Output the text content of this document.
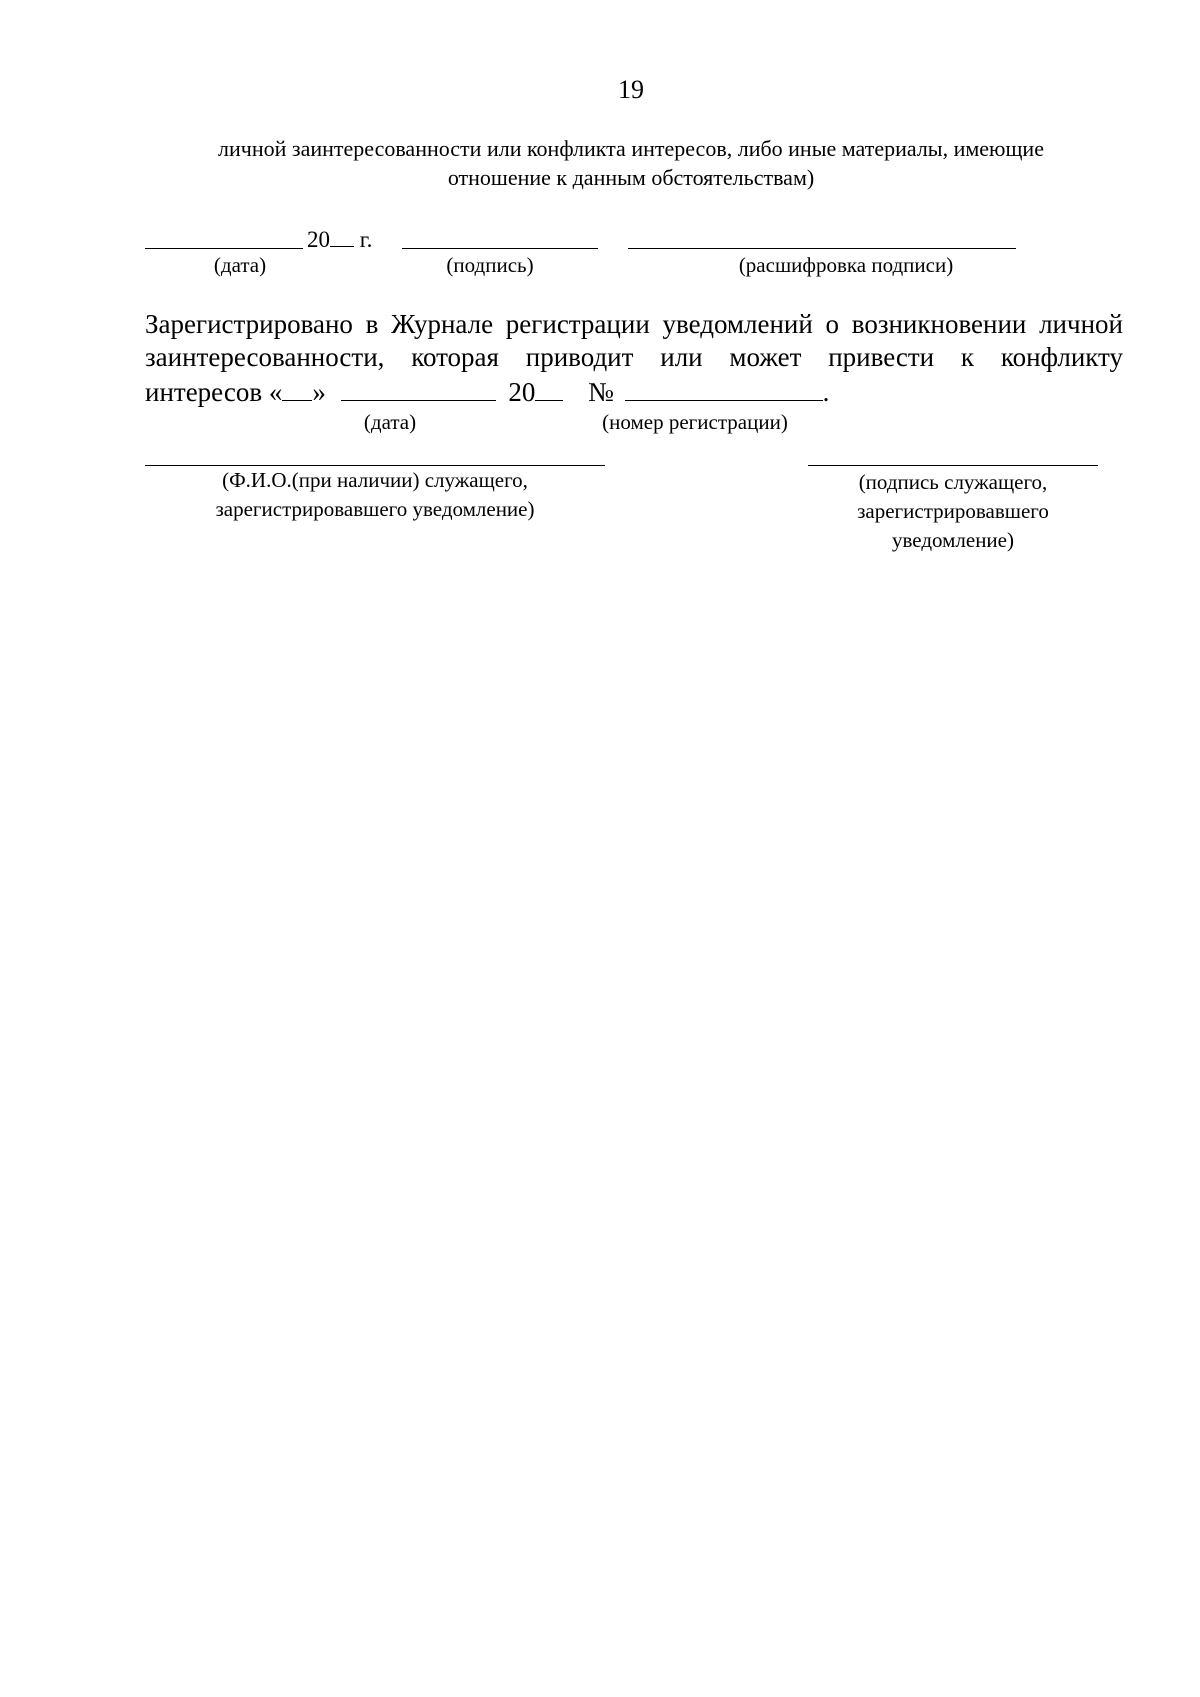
19
личной заинтересованности или конфликта интересов, либо иные материалы, имеющие
отношение к данным обстоятельствам)
20 г.
(дата)	(подпись)	(расшифровка подписи)
Зарегистрировано в Журнале регистрации уведомлений о возникновении личной
заинтересованности, которая приводит или может привести к конфликту
интересов « »	20 №	.
(дата)	(номер регистрации)
(Ф.И.О.(при наличии) служащего,
зарегистрировавшего уведомление)
(подпись служащего,
зарегистрировавшего
уведомление)
